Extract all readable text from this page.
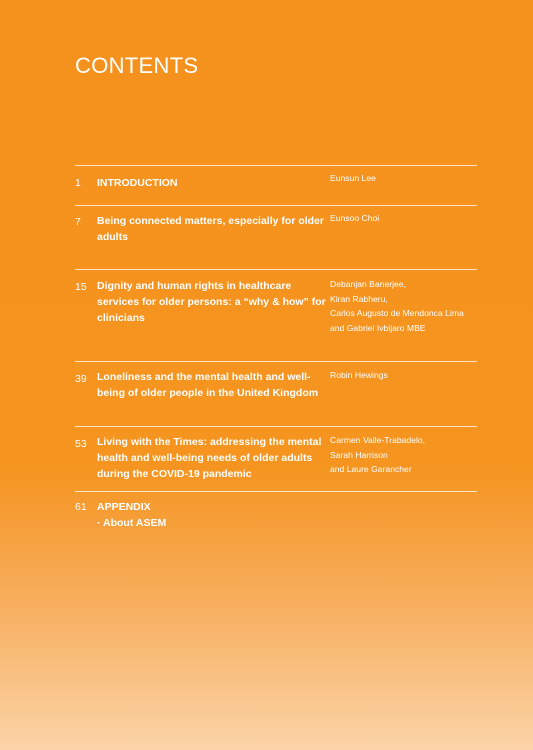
CONTENTS
1 INTRODUCTION	Eunsun Lee
7 Being connected matters, especially for older adults
Eunsoo Choi
15 Dignity and human rights in healthcare services for older persons: a “why & how” for clinicians
Debanjan Banerjee,
Kiran Rabheru,
Carlos Augusto de Mendonca Lima
and Gabriel Ivbijaro MBE
39 Loneliness and the mental health and well-being of older people in the United Kingdom
Robin Hewings
53 Living with the Times: addressing the mental health and well-being needs of older adults during the COVID-19 pandemic
Carmen Valle-Trabadelo,
Sarah Harrison
and Laure Garancher
61 APPENDIX
· About ASEM
